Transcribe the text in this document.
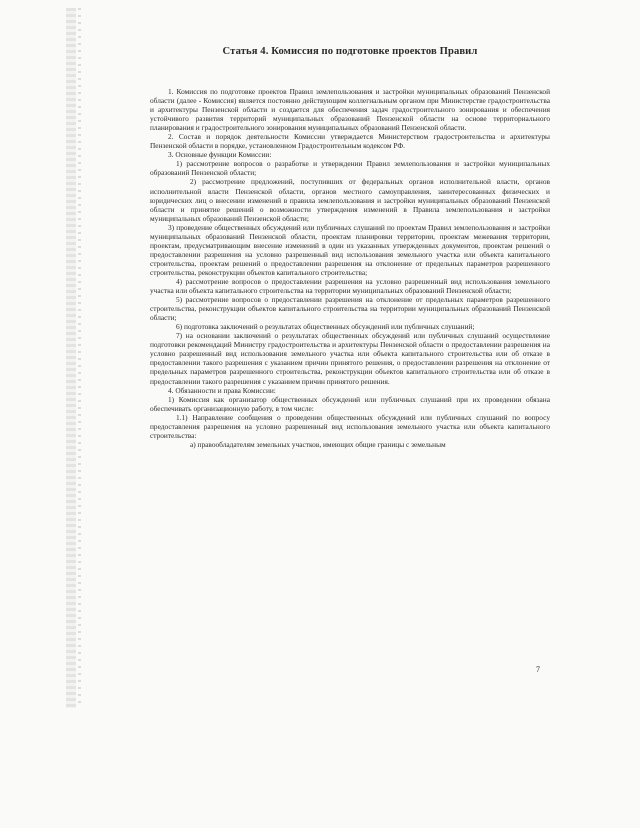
Статья 4. Комиссия по подготовке проектов Правил

1. Комиссия по подготовке проектов Правил землепользования и застройки муниципальных образований Пензенской области (далее - Комиссия) является постоянно действующим коллегиальным органом при Министерстве градостроительства и архитектуры Пензенской области и создается для обеспечения задач градостроительного зонирования и обеспечения устойчивого развития территорий муниципальных образований Пензенской области на основе территориального планирования и градостроительного зонирования муниципальных образований Пензенской области.

2. Состав и порядок деятельности Комиссии утверждается Министерством градостроительства и архитектуры Пензенской области в порядке, установленном Градостроительным кодексом РФ.

3. Основные функции Комиссии:

1) рассмотрение вопросов о разработке и утверждении Правил землепользования и застройки муниципальных образований Пензенской области;

2) рассмотрение предложений, поступивших от федеральных органов исполнительной власти, органов исполнительной власти Пензенской области, органов местного самоуправления, заинтересованных физических и юридических лиц о внесении изменений в правила землепользования и застройки муниципальных образований Пензенской области и принятие решений о возможности утверждения изменений в Правила землепользования и застройки муниципальных образований Пензенской области;

3) проведение общественных обсуждений или публичных слушаний по проектам Правил землепользования и застройки муниципальных образований Пензенской области, проектам планировки территории, проектам межевания территории, проектам, предусматривающим внесение изменений в один из указанных утвержденных документов, проектам решений о предоставлении разрешения на условно разрешенный вид использования земельного участка или объекта капитального строительства, проектам решений о предоставлении разрешения на отклонение от предельных параметров разрешенного строительства, реконструкции объектов капитального строительства;

4) рассмотрение вопросов о предоставлении разрешения на условно разрешенный вид использования земельного участка или объекта капитального строительства на территории муниципальных образований Пензенской области;

5) рассмотрение вопросов о предоставлении разрешения на отклонение от предельных параметров разрешенного строительства, реконструкции объектов капитального строительства на территории муниципальных образований Пензенской области;

6) подготовка заключений о результатах общественных обсуждений или публичных слушаний;

7) на основании заключений о результатах общественных обсуждений или публичных слушаний осуществление подготовки рекомендаций Министру градостроительства и архитектуры Пензенской области о предоставлении разрешения на условно разрешенный вид использования земельного участка или объекта капитального строительства или об отказе в предоставлении такого разрешения с указанием причин принятого решения, о предоставлении разрешения на отклонение от предельных параметров разрешенного строительства, реконструкции объектов капитального строительства или об отказе в предоставлении такого разрешения с указанием причин принятого решения.

4. Обязанности и права Комиссии:

1) Комиссия как организатор общественных обсуждений или публичных слушаний при их проведении обязана обеспечивать организационную работу, в том числе:

1.1) Направление сообщения о проведении общественных обсуждений или публичных слушаний по вопросу предоставления разрешения на условно разрешенный вид использования земельного участка или объекта капитального строительства:

а) правообладателям земельных участков, имеющих общие границы с земельным

7
